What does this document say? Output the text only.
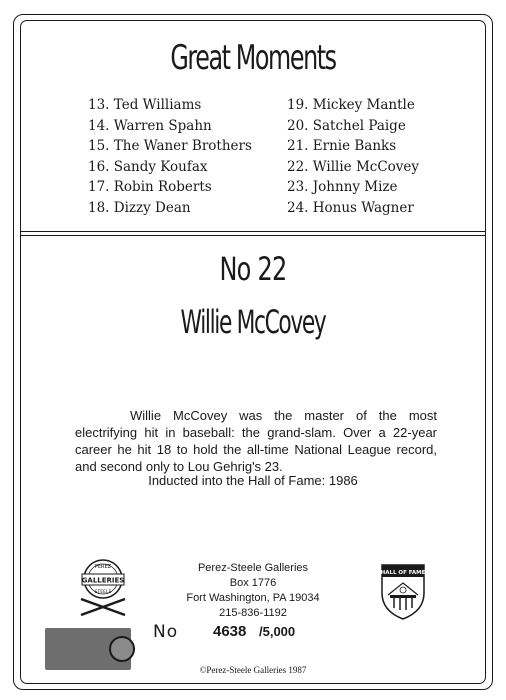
Great Moments
13. Ted Williams
14. Warren Spahn
15. The Waner Brothers
16. Sandy Koufax
17. Robin Roberts
18. Dizzy Dean
19. Mickey Mantle
20. Satchel Paige
21. Ernie Banks
22. Willie McCovey
23. Johnny Mize
24. Honus Wagner
No 22
Willie McCovey
Willie McCovey was the master of the most electrifying hit in baseball: the grand-slam. Over a 22-year career he hit 18 to hold the all-time National League record, and second only to Lou Gehrig's 23.
Inducted into the Hall of Fame: 1986
PEREZ
GALLERIES
STEELE
Perez-Steele Galleries
Box 1776
Fort Washington, PA 19034
215-836-1192
HALL OF FAME
No 4638 /5,000
©Perez-Steele Galleries 1987
